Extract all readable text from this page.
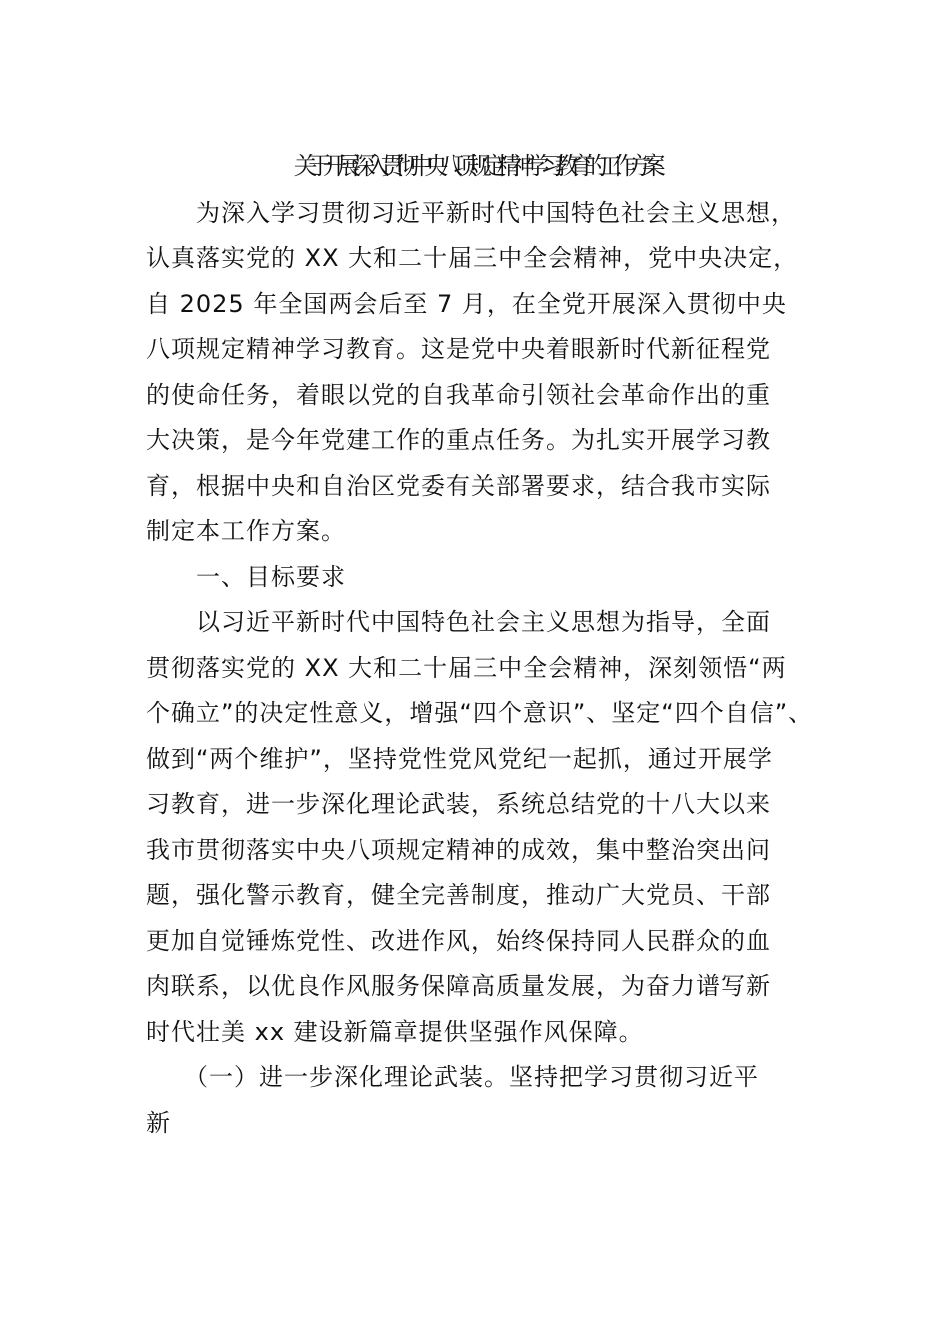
关于开展深入贯彻中央八项规定精神学习教育的工作方案
　　为深入学习贯彻习近平新时代中国特色社会主义思想，
认真落实党的 XX 大和二十届三中全会精神，党中央决定，
自 2025 年全国两会后至 7 月，在全党开展深入贯彻中央
八项规定精神学习教育。这是党中央着眼新时代新征程党
的使命任务，着眼以党的自我革命引领社会革命作出的重
大决策，是今年党建工作的重点任务。为扎实开展学习教
育，根据中央和自治区党委有关部署要求，结合我市实际
制定本工作方案。
　　一、目标要求
　　以习近平新时代中国特色社会主义思想为指导，全面
贯彻落实党的 XX 大和二十届三中全会精神，深刻领悟“两
个确立”的决定性意义，增强“四个意识”、坚定“四个自信”、
做到“两个维护”，坚持党性党风党纪一起抓，通过开展学
习教育，进一步深化理论武装，系统总结党的十八大以来
我市贯彻落实中央八项规定精神的成效，集中整治突出问
题，强化警示教育，健全完善制度，推动广大党员、干部
更加自觉锤炼党性、改进作风，始终保持同人民群众的血
肉联系，以优良作风服务保障高质量发展，为奋力谱写新
时代壮美 xx 建设新篇章提供坚强作风保障。
　　（一）进一步深化理论武装。坚持把学习贯彻习近平
新
